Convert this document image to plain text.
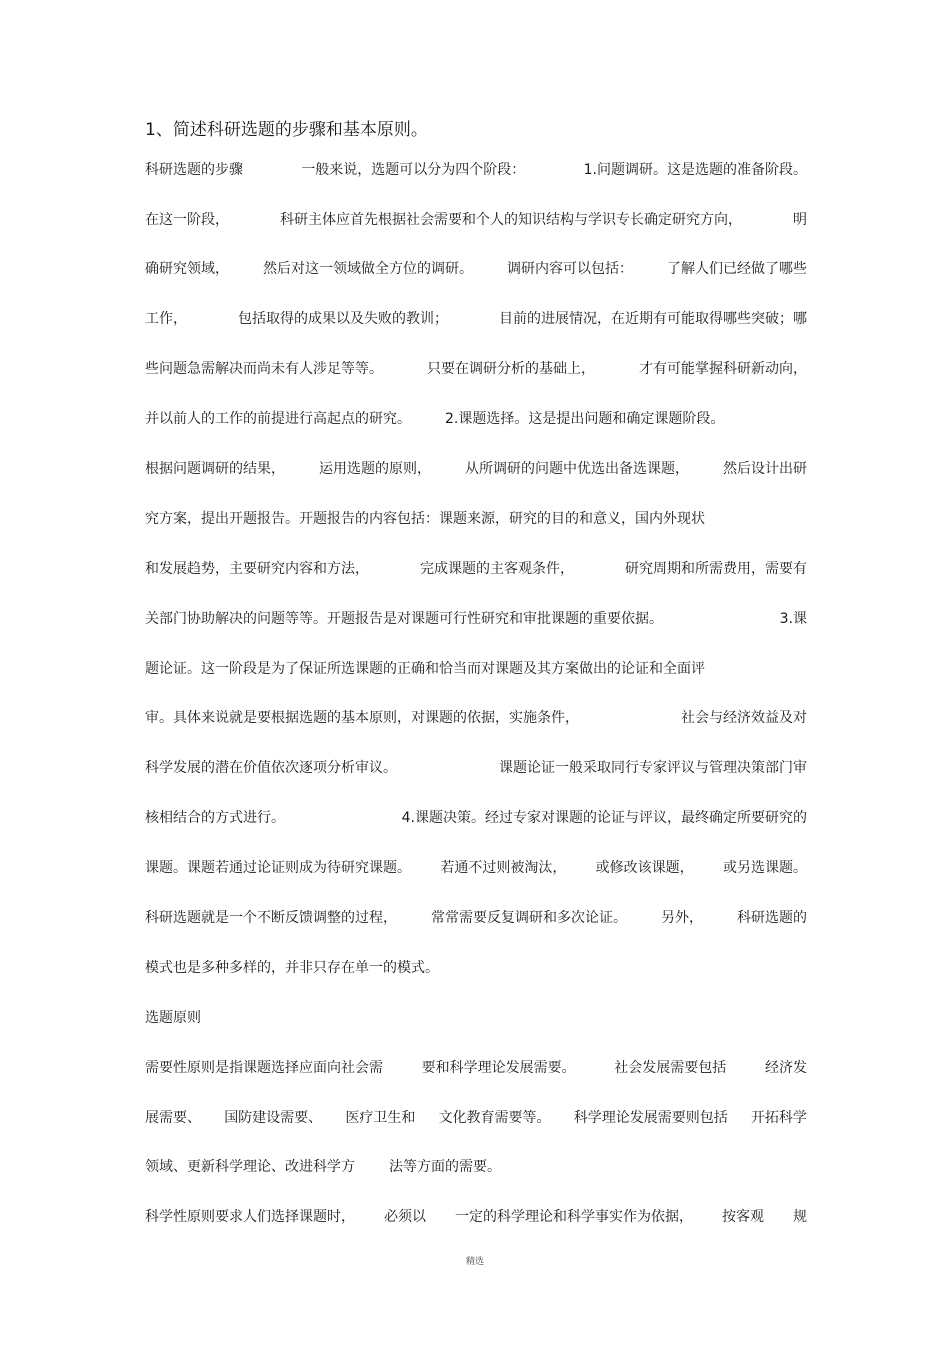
1、简述科研选题的步骤和基本原则。
科研选题的步骤	一般来说，选题可以分为四个阶段：	1.问题调研。这是选题的准备阶段。
在这一阶段，	科研主体应首先根据社会需要和个人的知识结构与学识专长确定研究方向，	明
确研究领域， 然后对这一领域做全方位的调研。 调研内容可以包括： 了解人们已经做了哪些
工作，	包括取得的成果以及失败的教训；	目前的进展情况，在近期有可能取得哪些突破；哪
些问题急需解决而尚未有人涉足等等。	只要在调研分析的基础上，	才有可能掌握科研新动向，
并以前人的工作的前提进行高起点的研究。 2.课题选择。这是提出问题和确定课题阶段。
根据问题调研的结果， 运用选题的原则， 从所调研的问题中优选出备选课题， 然后设计出研
究方案，提出开题报告。开题报告的内容包括：课题来源，研究的目的和意义，国内外现状
和发展趋势，主要研究内容和方法，	完成课题的主客观条件，	研究周期和所需费用，需要有
关部门协助解决的问题等等。开题报告是对课题可行性研究和审批课题的重要依据。	3.课
题论证。这一阶段是为了保证所选课题的正确和恰当而对课题及其方案做出的论证和全面评
审。具体来说就是要根据选题的基本原则，对课题的依据，实施条件，	社会与经济效益及对
科学发展的潜在价值依次逐项分析审议。	课题论证一般采取同行专家评议与管理决策部门审
核相结合的方式进行。	4.课题决策。经过专家对课题的论证与评议，最终确定所要研究的
课题。课题若通过论证则成为待研究课题。 若通不过则被淘汰， 或修改该课题， 或另选课题。
科研选题就是一个不断反馈调整的过程， 常常需要反复调研和多次论证。 另外， 科研选题的
模式也是多种多样的，并非只存在单一的模式。
选题原则
需要性原则是指课题选择应面向社会需	要和科学理论发展需要。	社会发展需要包括	经济发
展需要、 国防建设需要、 医疗卫生和 文化教育需要等。 科学理论发展需要则包括 开拓科学
领域、更新科学理论、改进科学方 法等方面的需要。
科学性原则要求人们选择课题时， 必须以 一定的科学理论和科学事实作为依据， 按客观 规
精选
